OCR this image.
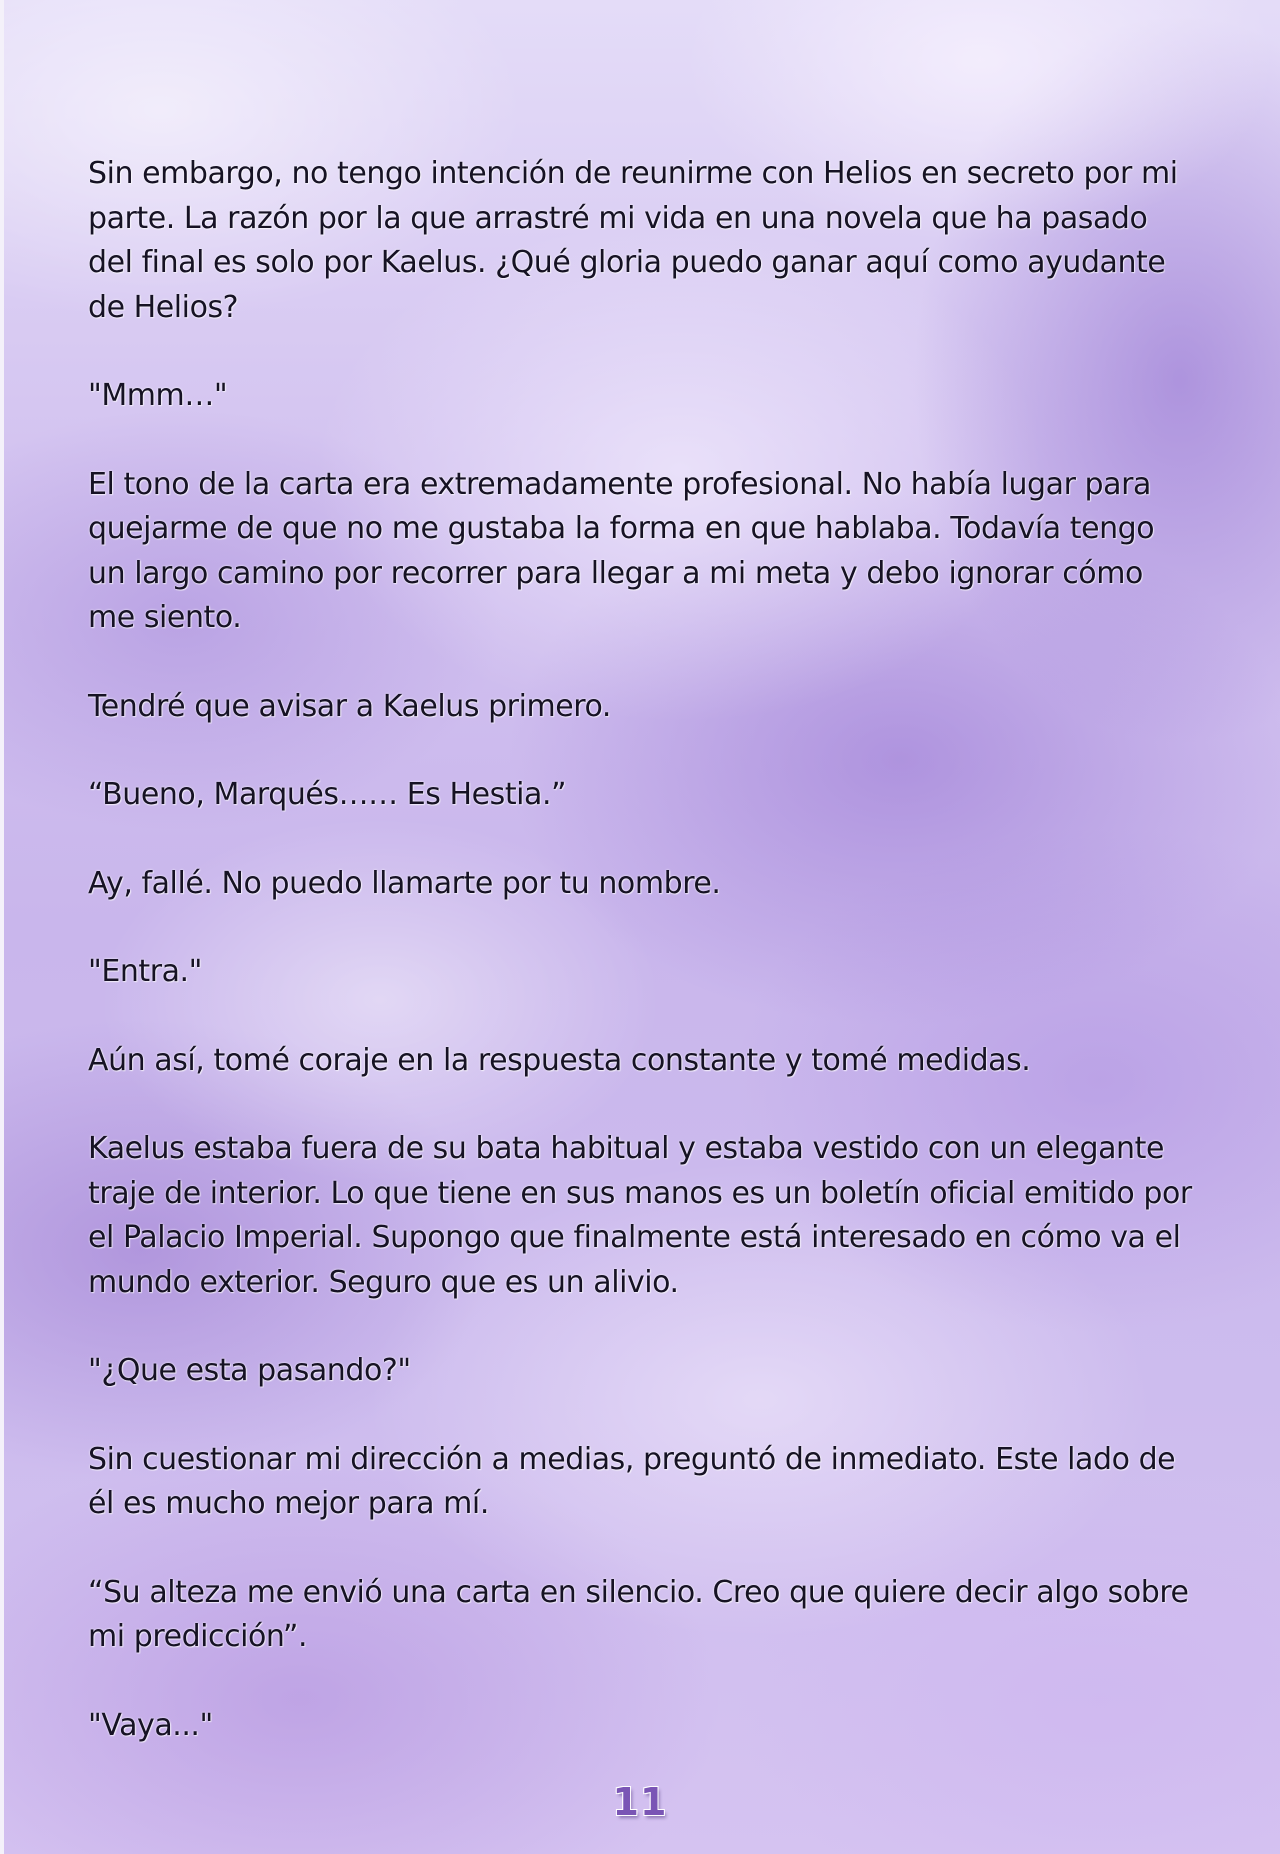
Sin embargo, no tengo intención de reunirme con Helios en secreto por mi parte. La razón por la que arrastré mi vida en una novela que ha pasado del final es solo por Kaelus. ¿Qué gloria puedo ganar aquí como ayudante de Helios?

"Mmm…"

El tono de la carta era extremadamente profesional. No había lugar para quejarme de que no me gustaba la forma en que hablaba. Todavía tengo un largo camino por recorrer para llegar a mi meta y debo ignorar cómo me siento.

Tendré que avisar a Kaelus primero.

“Bueno, Marqués…… Es Hestia.”

Ay, fallé. No puedo llamarte por tu nombre.

"Entra."

Aún así, tomé coraje en la respuesta constante y tomé medidas.

Kaelus estaba fuera de su bata habitual y estaba vestido con un elegante traje de interior. Lo que tiene en sus manos es un boletín oficial emitido por el Palacio Imperial. Supongo que finalmente está interesado en cómo va el mundo exterior. Seguro que es un alivio.

"¿Que esta pasando?"

Sin cuestionar mi dirección a medias, preguntó de inmediato. Este lado de él es mucho mejor para mí.

“Su alteza me envió una carta en silencio. Creo que quiere decir algo sobre mi predicción”.

"Vaya..."

11
